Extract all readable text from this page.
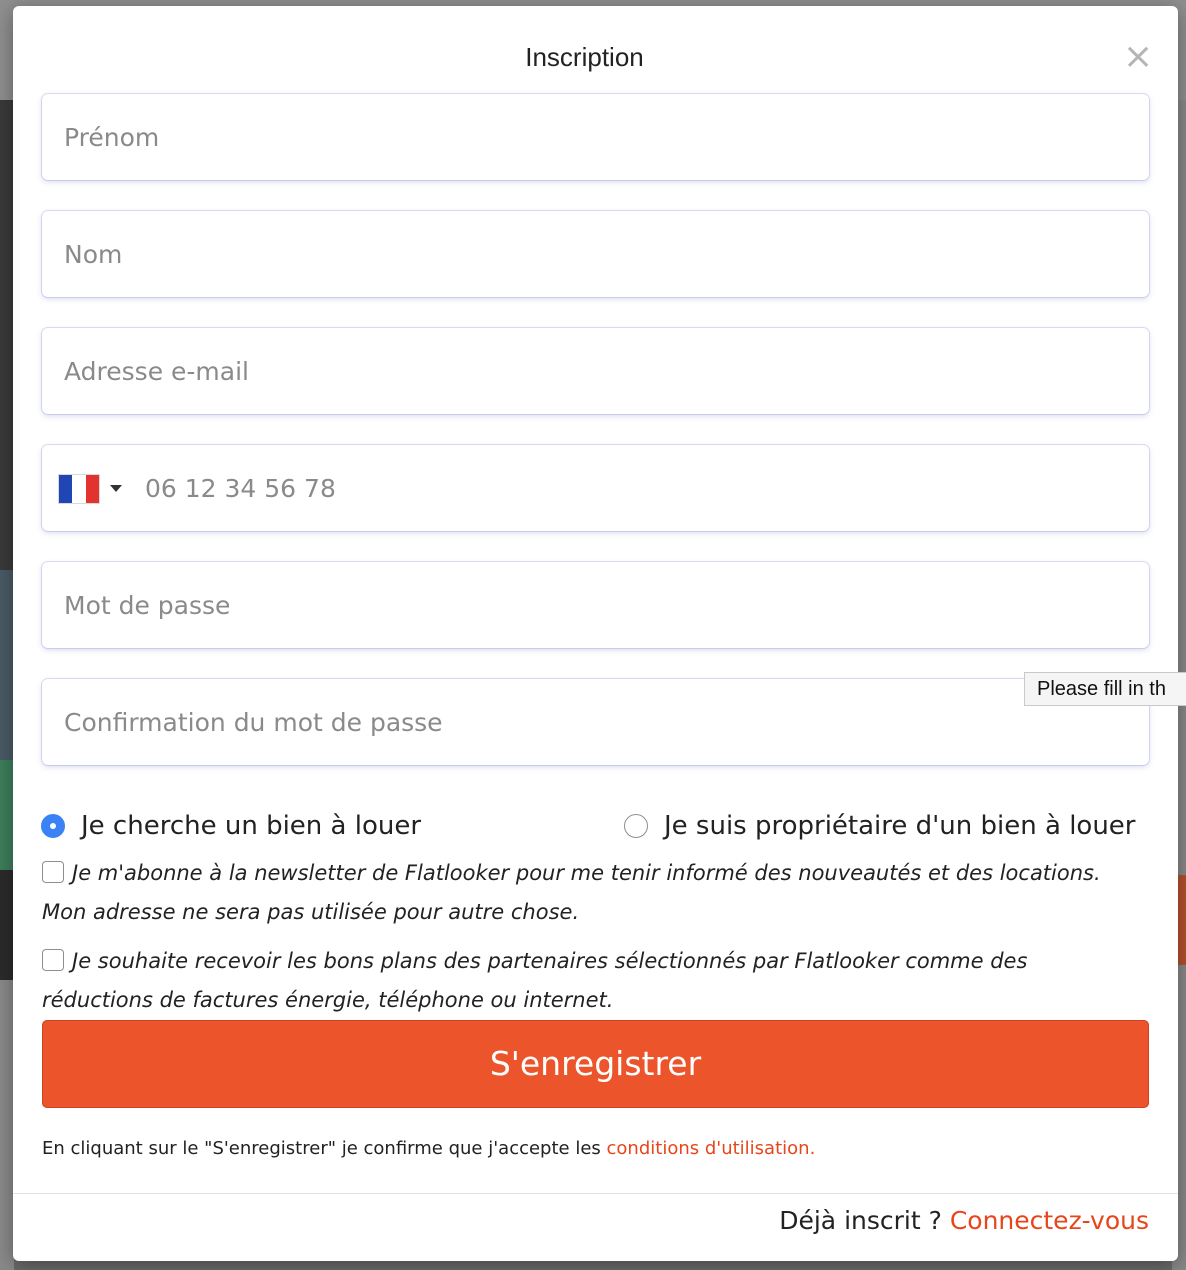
Inscription	×
Prénom
Nom
Adresse e-mail
06 12 34 56 78
Je cherche un bien à louer	Je suis propriétaire d'un bien à louer
Je m'abonne à la newsletter de Flatlooker pour me tenir informé des nouveautés et des locations. Mon adresse ne sera pas utilisée pour autre chose.
Je souhaite recevoir les bons plans des partenaires sélectionnés par Flatlooker comme des réductions de factures énergie, téléphone ou internet.
S'enregistrer
En cliquant sur le "S'enregistrer" je confirme que j'accepte les conditions d'utilisation.
Déjà inscrit ? Connectez-vous
Please fill in th
